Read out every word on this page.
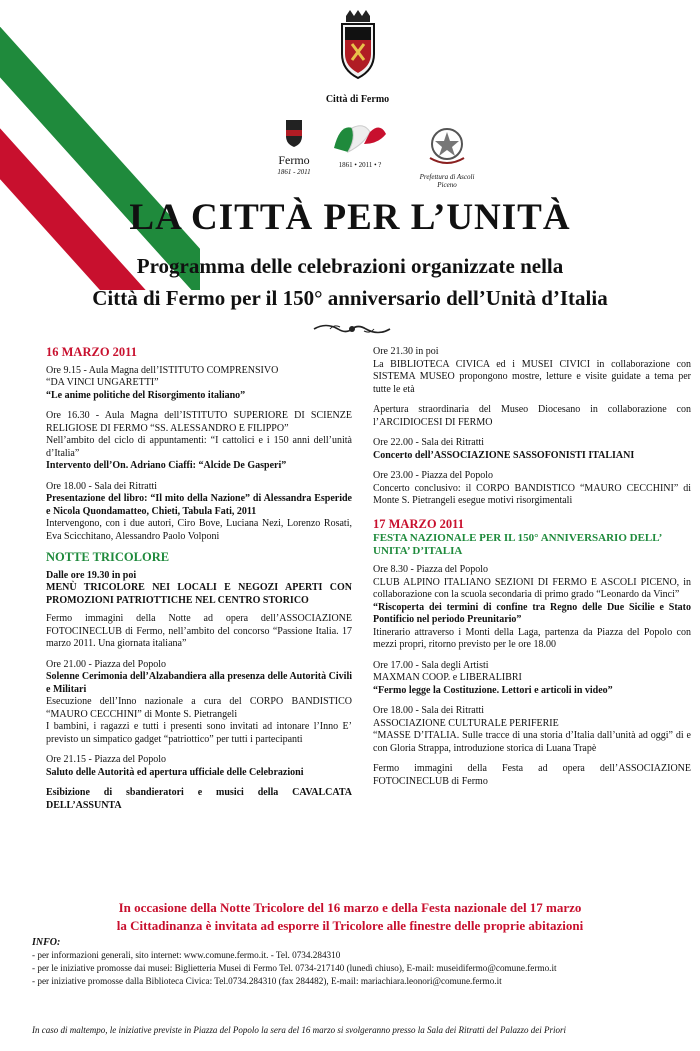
Città di Fermo
Fermo
1861 - 2011
1861 • 2011 • ?
Prefettura di Ascoli Piceno
LA CITTÀ PER L’UNITÀ
Programma delle celebrazioni organizzate nella
Città di Fermo per il 150° anniversario dell’Unità d’Italia
16 MARZO 2011

Ore 9.15 - Aula Magna dell’ISTITUTO COMPRENSIVO

“DA VINCI UNGARETTI”

“Le anime politiche del Risorgimento italiano”

Ore 16.30 - Aula Magna dell’ISTITUTO SUPERIORE DI SCIENZE RELIGIOSE DI FERMO “SS. ALESSANDRO E FILIPPO”

Nell’ambito del ciclo di appuntamenti: “I cattolici e i 150 anni dell’unità d’Italia”

Intervento dell’On. Adriano Ciaffi: “Alcide De Gasperi”

Ore 18.00 - Sala dei Ritratti

Presentazione del libro: “Il mito della Nazione” di Alessandra Esperide e Nicola Quondamatteo, Chieti, Tabula Fati, 2011

Intervengono, con i due autori, Ciro Bove, Luciana Nezi, Lorenzo Rosati, Eva Scicchitano, Alessandro Paolo Volponi

NOTTE TRICOLORE

Dalle ore 19.30 in poi

MENÙ TRICOLORE NEI LOCALI E NEGOZI APERTI CON PROMOZIONI PATRIOTTICHE NEL CENTRO STORICO

Fermo immagini della Notte ad opera dell’ASSOCIAZIONE FOTOCINECLUB di Fermo, nell’ambito del concorso “Passione Italia. 17 marzo 2011. Una giornata italiana”

Ore 21.00 - Piazza del Popolo

Solenne Cerimonia dell’Alzabandiera alla presenza delle Autorità Civili e Militari

Esecuzione dell’Inno nazionale a cura del CORPO BANDISTICO “MAURO CECCHINI” di Monte S. Pietrangeli

I bambini, i ragazzi e tutti i presenti sono invitati ad intonare l’Inno E’ previsto un simpatico gadget “patriottico” per tutti i partecipanti

Ore 21.15 - Piazza del Popolo

Saluto delle Autorità ed apertura ufficiale delle Celebrazioni

Esibizione di sbandieratori e musici della CAVALCATA DELL’ASSUNTA

Ore 21.30 in poi

La BIBLIOTECA CIVICA ed i MUSEI CIVICI in collaborazione con SISTEMA MUSEO propongono mostre, letture e visite guidate a tema per tutte le età

Apertura straordinaria del Museo Diocesano in collaborazione con l’ARCIDIOCESI DI FERMO

Ore 22.00 - Sala dei Ritratti

Concerto dell’ASSOCIAZIONE SASSOFONISTI ITALIANI

Ore 23.00 - Piazza del Popolo

Concerto conclusivo: il CORPO BANDISTICO “MAURO CECCHINI” di Monte S. Pietrangeli esegue motivi risorgimentali

17 MARZO 2011
FESTA NAZIONALE PER IL 150° ANNIVERSARIO DELL’ UNITA’ D’ITALIA

Ore 8.30 - Piazza del Popolo

CLUB ALPINO ITALIANO SEZIONI DI FERMO E ASCOLI PICENO, in collaborazione con la scuola secondaria di primo grado “Leonardo da Vinci”

“Riscoperta dei termini di confine tra Regno delle Due Sicilie e Stato Pontificio nel periodo Preunitario”

Itinerario attraverso i Monti della Laga, partenza da Piazza del Popolo con mezzi propri, ritorno previsto per le ore 18.00

Ore 17.00 - Sala degli Artisti

MAXMAN COOP. e LIBERALIBRI

“Fermo legge la Costituzione. Lettori e articoli in video”

Ore 18.00 - Sala dei Ritratti

ASSOCIAZIONE CULTURALE PERIFERIE

“MASSE D’ITALIA. Sulle tracce di una storia d’Italia dall’unità ad oggi” di e con Gloria Strappa, introduzione storica di Luana Trapè

Fermo immagini della Festa ad opera dell’ASSOCIAZIONE FOTOCINECLUB di Fermo
In occasione della Notte Tricolore del 16 marzo e della Festa nazionale del 17 marzo
la Cittadinanza è invitata ad esporre il Tricolore alle finestre delle proprie abitazioni
INFO:
- per informazioni generali, sito internet: www.comune.fermo.it. - Tel. 0734.284310
- per le iniziative promosse dai musei: Biglietteria Musei di Fermo Tel. 0734-217140 (lunedì chiuso), E-mail: museidifermo@comune.fermo.it
- per iniziative promosse dalla Biblioteca Civica: Tel.0734.284310 (fax 284482), E-mail: mariachiara.leonori@comune.fermo.it
In caso di maltempo, le iniziative previste in Piazza del Popolo la sera del 16 marzo si svolgeranno presso la Sala dei Ritratti del Palazzo dei Priori
